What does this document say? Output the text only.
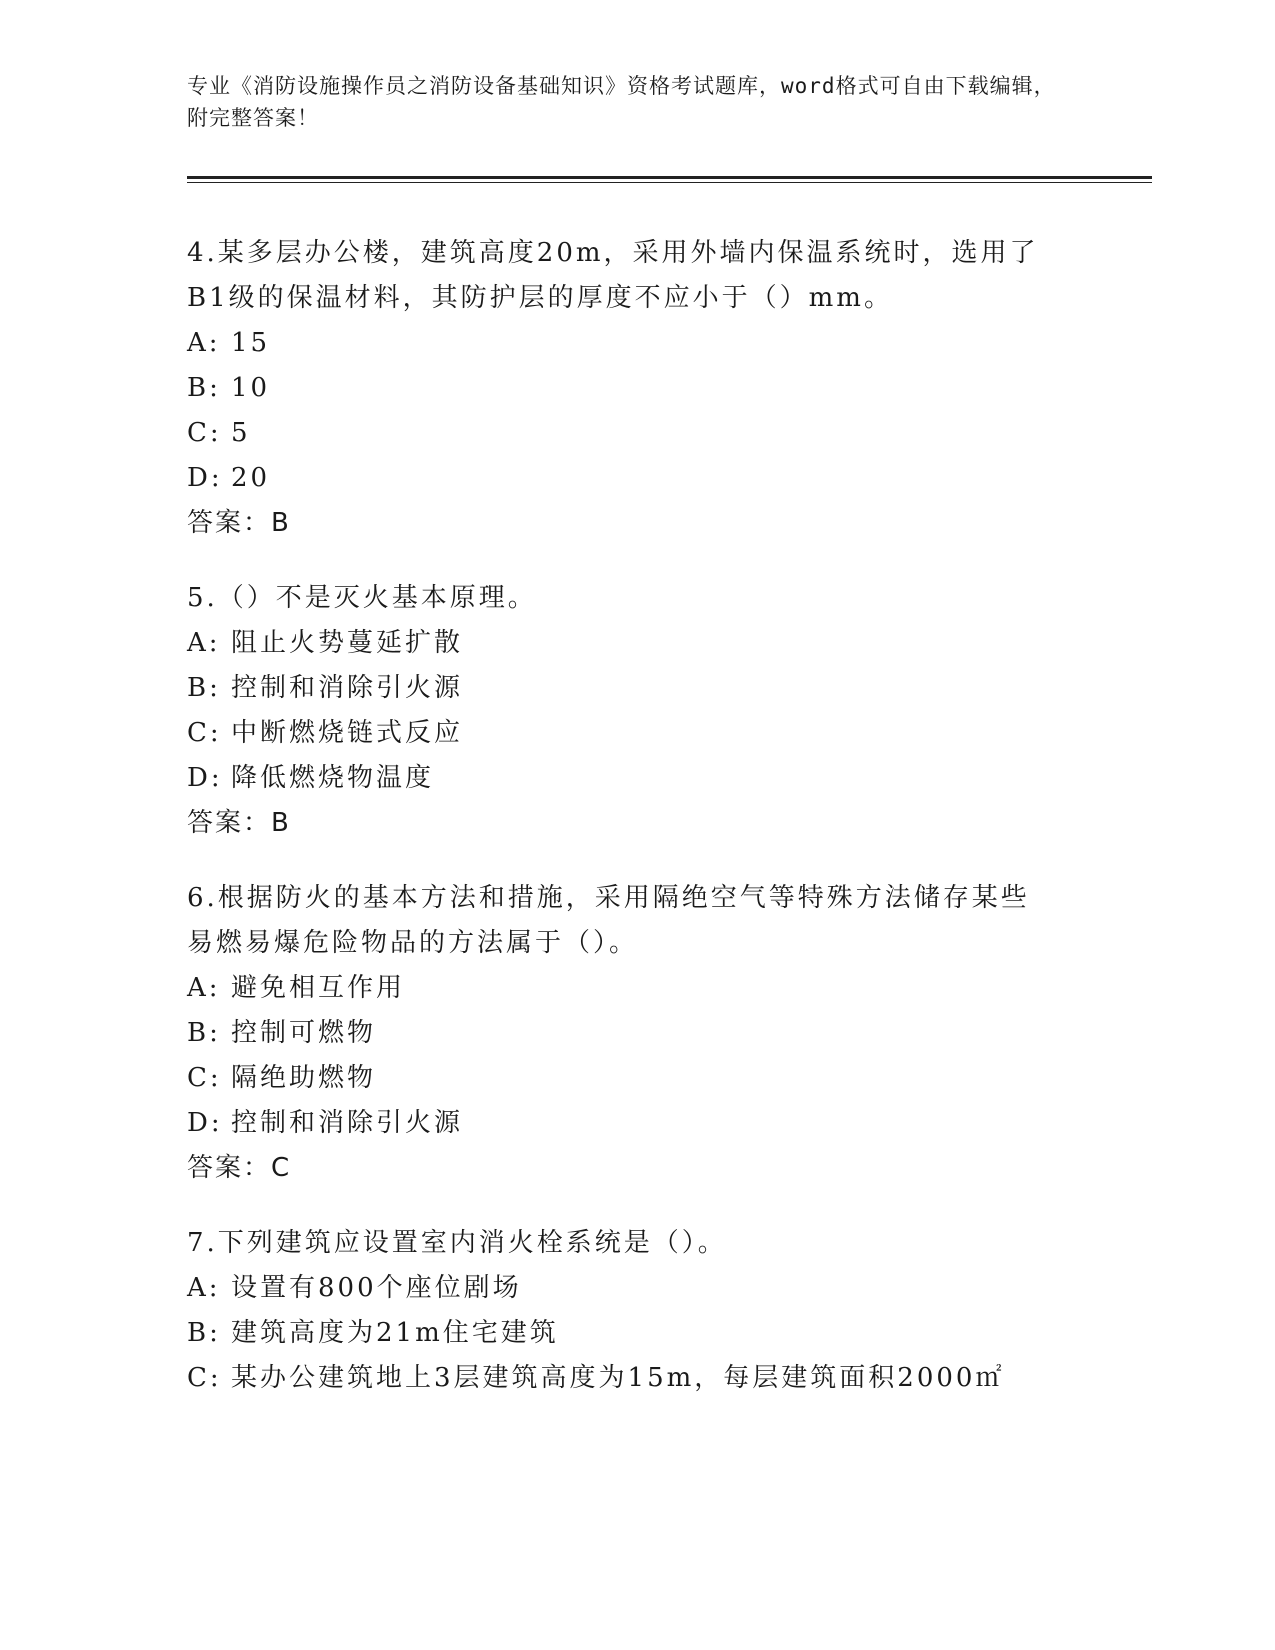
专业《消防设施操作员之消防设备基础知识》资格考试题库，word格式可自由下载编辑，附完整答案！
4.某多层办公楼，建筑高度20m，采用外墙内保温系统时，选用了B1级的保温材料，其防护层的厚度不应小于（）mm。
A: 15
B: 10
C: 5
D: 20
答案：B
5.（）不是灭火基本原理。
A: 阻止火势蔓延扩散
B: 控制和消除引火源
C: 中断燃烧链式反应
D: 降低燃烧物温度
答案：B
6.根据防火的基本方法和措施，采用隔绝空气等特殊方法储存某些易燃易爆危险物品的方法属于（）。
A: 避免相互作用
B: 控制可燃物
C: 隔绝助燃物
D: 控制和消除引火源
答案：C
7.下列建筑应设置室内消火栓系统是（）。
A: 设置有800个座位剧场
B: 建筑高度为21m住宅建筑
C: 某办公建筑地上3层建筑高度为15m，每层建筑面积2000㎡
